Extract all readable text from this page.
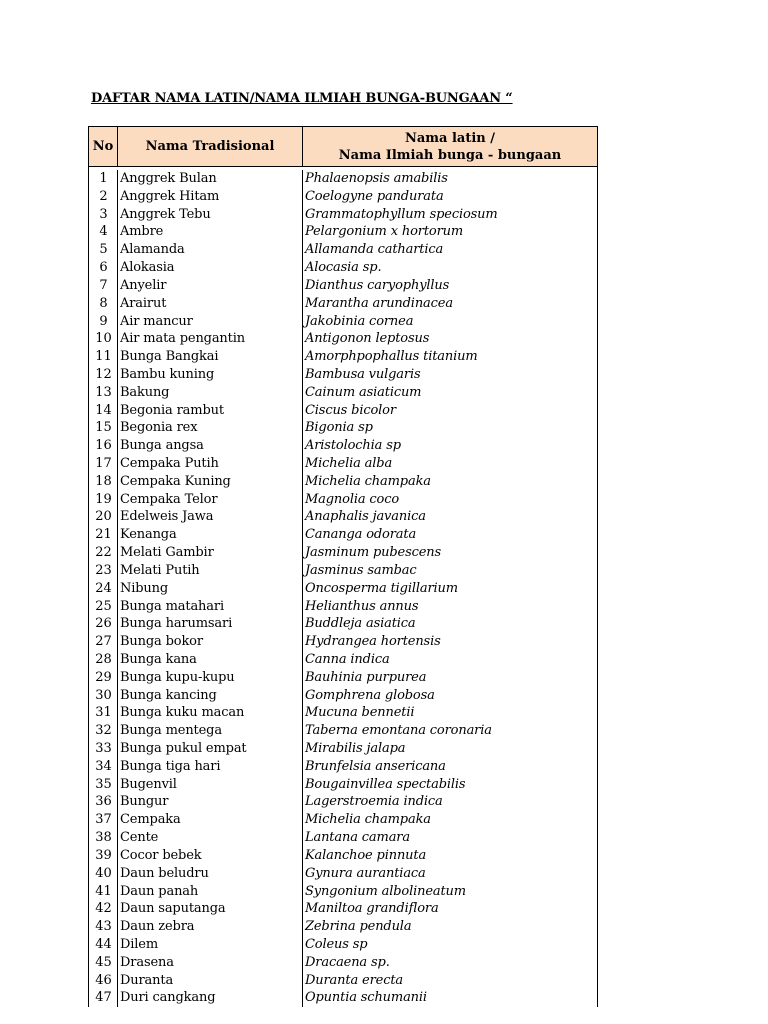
DAFTAR NAMA LATIN/NAMA ILMIAH BUNGA-BUNGAAN “
No	Nama Tradisional
Nama latin /
Nama Ilmiah bunga - bungaan
1 Anggrek Bulan	Phalaenopsis amabilis
2 Anggrek Hitam	Coelogyne pandurata
3 Anggrek Tebu	Grammatophyllum speciosum
4 Ambre	Pelargonium x hortorum
5 Alamanda	Allamanda cathartica
6 Alokasia	Alocasia sp.
7 Anyelir	Dianthus caryophyllus
8 Arairut	Marantha arundinacea
9 Air mancur	Jakobinia cornea
10 Air mata pengantin	Antigonon leptosus
11 Bunga Bangkai	Amorphpophallus titanium
12 Bambu kuning	Bambusa vulgaris
13 Bakung	Cainum asiaticum
14 Begonia rambut	Ciscus bicolor
15 Begonia rex	Bigonia sp
16 Bunga angsa	Aristolochia sp
17 Cempaka Putih	Michelia alba
18 Cempaka Kuning	Michelia champaka
19 Cempaka Telor	Magnolia coco
20 Edelweis Jawa	Anaphalis javanica
21 Kenanga	Cananga odorata
22 Melati Gambir	Jasminum pubescens
23 Melati Putih	Jasminus sambac
24 Nibung	Oncosperma tigillarium
25 Bunga matahari	Helianthus annus
26 Bunga harumsari	Buddleja asiatica
27 Bunga bokor	Hydrangea hortensis
28 Bunga kana	Canna indica
29 Bunga kupu-kupu	Bauhinia purpurea
30 Bunga kancing	Gomphrena globosa
31 Bunga kuku macan	Mucuna bennetii
32 Bunga mentega	Taberna emontana coronaria
33 Bunga pukul empat	Mirabilis jalapa
34 Bunga tiga hari	Brunfelsia ansericana
35 Bugenvil	Bougainvillea spectabilis
36 Bungur	Lagerstroemia indica
37 Cempaka	Michelia champaka
38 Cente	Lantana camara
39 Cocor bebek	Kalanchoe pinnuta
40 Daun beludru	Gynura aurantiaca
41 Daun panah	Syngonium albolineatum
42 Daun saputanga	Maniltoa grandiflora
43 Daun zebra	Zebrina pendula
44 Dilem	Coleus sp
45 Drasena	Dracaena sp.
46 Duranta	Duranta erecta
47 Duri cangkang	Opuntia schumanii
